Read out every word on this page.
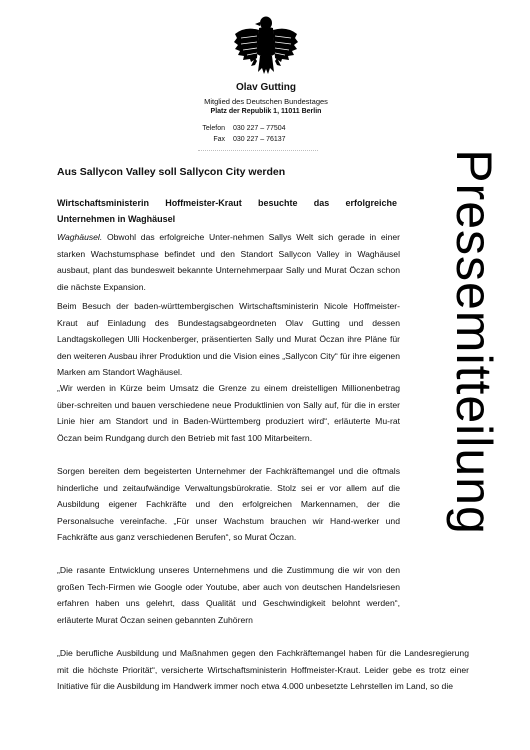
Olav Gutting
Mitglied des Deutschen Bundestages
Platz der Republik 1, 11011 Berlin
Telefon 030 227 – 77504
Fax 030 227 – 76137
Pressemitteilung
Aus Sallycon Valley soll Sallycon City werden
Wirtschaftsministerin Hoffmeister-Kraut besuchte das erfolgreiche Unternehmen in Waghäusel

Waghäusel. Obwohl das erfolgreiche Unter-nehmen Sallys Welt sich gerade in einer starken Wachstumsphase befindet und den Standort Sallycon Valley in Waghäusel ausbaut, plant das bundesweit bekannte Unternehmerpaar Sally und Murat Öczan schon die nächste Expansion.

Beim Besuch der baden-württembergischen Wirtschaftsministerin Nicole Hoffmeister-Kraut auf Einladung des Bundestagsabgeordneten Olav Gutting und dessen Landtagskollegen Ulli Hockenberger, präsentierten Sally und Murat Öczan ihre Pläne für den weiteren Ausbau ihrer Produktion und die Vision eines „Sallycon City“ für ihre eigenen Marken am Standort Waghäusel.

„Wir werden in Kürze beim Umsatz die Grenze zu einem dreistelligen Millionenbetrag über-schreiten und bauen verschiedene neue Produktlinien von Sally auf, für die in erster Linie hier am Standort und in Baden-Württemberg produziert wird“, erläuterte Mu-rat Öczan beim Rundgang durch den Betrieb mit fast 100 Mitarbeitern.

Sorgen bereiten dem begeisterten Unternehmer der Fachkräftemangel und die oftmals hinderliche und zeitaufwändige Verwaltungsbürokratie. Stolz sei er vor allem auf die Ausbildung eigener Fachkräfte und den erfolgreichen Markennamen, der die Personalsuche vereinfache. „Für unser Wachstum brauchen wir Hand-werker und Fachkräfte aus ganz verschiedenen Berufen“, so Murat Öczan.

„Die rasante Entwicklung unseres Unternehmens und die Zustimmung die wir von den großen Tech-Firmen wie Google oder Youtube, aber auch von deutschen Handelsriesen erfahren haben uns gelehrt, dass Qualität und Geschwindigkeit belohnt werden“, erläuterte Murat Öczan seinen gebannten Zuhörern

„Die berufliche Ausbildung und Maßnahmen gegen den Fachkräftemangel haben für die Landesregierung mit die höchste Priorität“, versicherte Wirtschaftsministerin Hoffmeister-Kraut. Leider gebe es trotz einer Initiative für die Ausbildung im Handwerk immer noch etwa 4.000 unbesetzte Lehrstellen im Land, so die
